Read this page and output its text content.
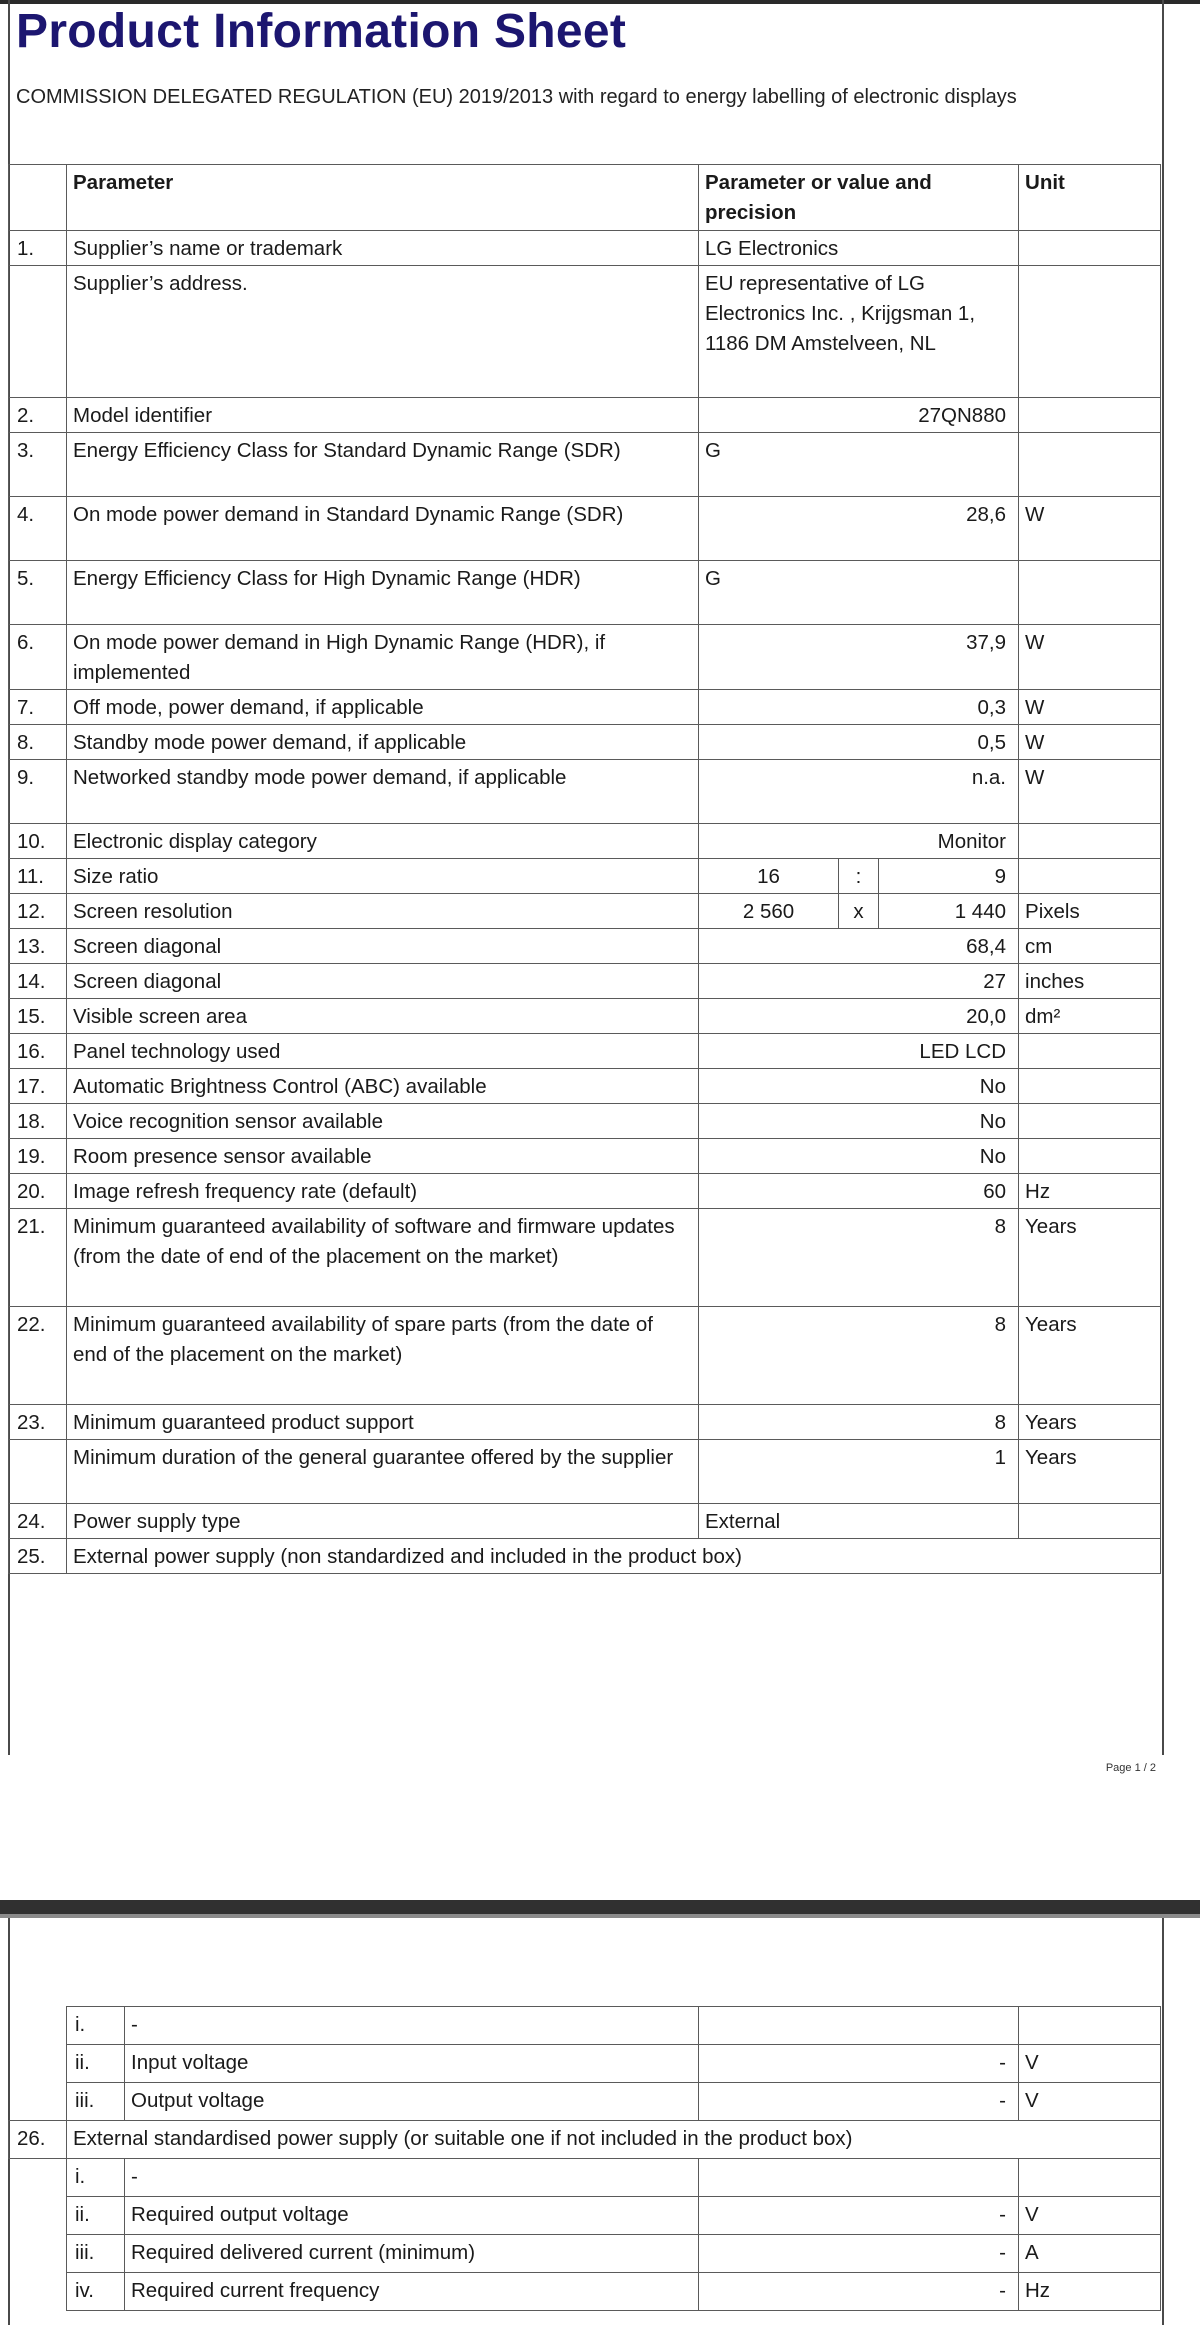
Product Information Sheet
COMMISSION DELEGATED REGULATION (EU) 2019/2013 with regard to energy labelling of electronic displays
	Parameter	Parameter or value and precision			Unit
1.	Supplier’s name or trademark	LG Electronics			
	Supplier’s address.	EU representative of LG Electronics Inc. , Krijgsman 1, 1186 DM Amstelveen, NL			
2.	Model identifier	27QN880			
3.	Energy Efficiency Class for Standard Dynamic Range (SDR)	G			
4.	On mode power demand in Standard Dynamic Range (SDR)	28,6			W
5.	Energy Efficiency Class for High Dynamic Range (HDR)	G			
6.	On mode power demand in High Dynamic Range (HDR), if implemented	37,9			W
7.	Off mode, power demand, if applicable	0,3			W
8.	Standby mode power demand, if applicable	0,5			W
9.	Networked standby mode power demand, if applicable	n.a.			W
10.	Electronic display category	Monitor			
11.	Size ratio	16	:	9	
12.	Screen resolution	2 560	x	1 440	Pixels
13.	Screen diagonal	68,4			cm
14.	Screen diagonal	27			inches
15.	Visible screen area	20,0			dm²
16.	Panel technology used	LED LCD			
17.	Automatic Brightness Control (ABC) available	No			
18.	Voice recognition sensor available	No			
19.	Room presence sensor available	No			
20.	Image refresh frequency rate (default)	60			Hz
21.	Minimum guaranteed availability of software and firmware updates (from the date of end of the placement on the market)	8			Years
22.	Minimum guaranteed availability of spare parts (from the date of end of the placement on the market)	8			Years
23.	Minimum guaranteed product support	8			Years
	Minimum duration of the general guarantee offered by the supplier	1			Years
24.	Power supply type	External			
25.	External power supply (non standardized and included in the product box)				
Page 1 / 2
	i.	-		
	ii.	Input voltage	-	V
	iii.	Output voltage	-	V
26.	External standardised power supply (or suitable one if not included in the product box)			
	i.	-		
	ii.	Required output voltage	-	V
	iii.	Required delivered current (minimum)	-	A
	iv.	Required current frequency	-	Hz
